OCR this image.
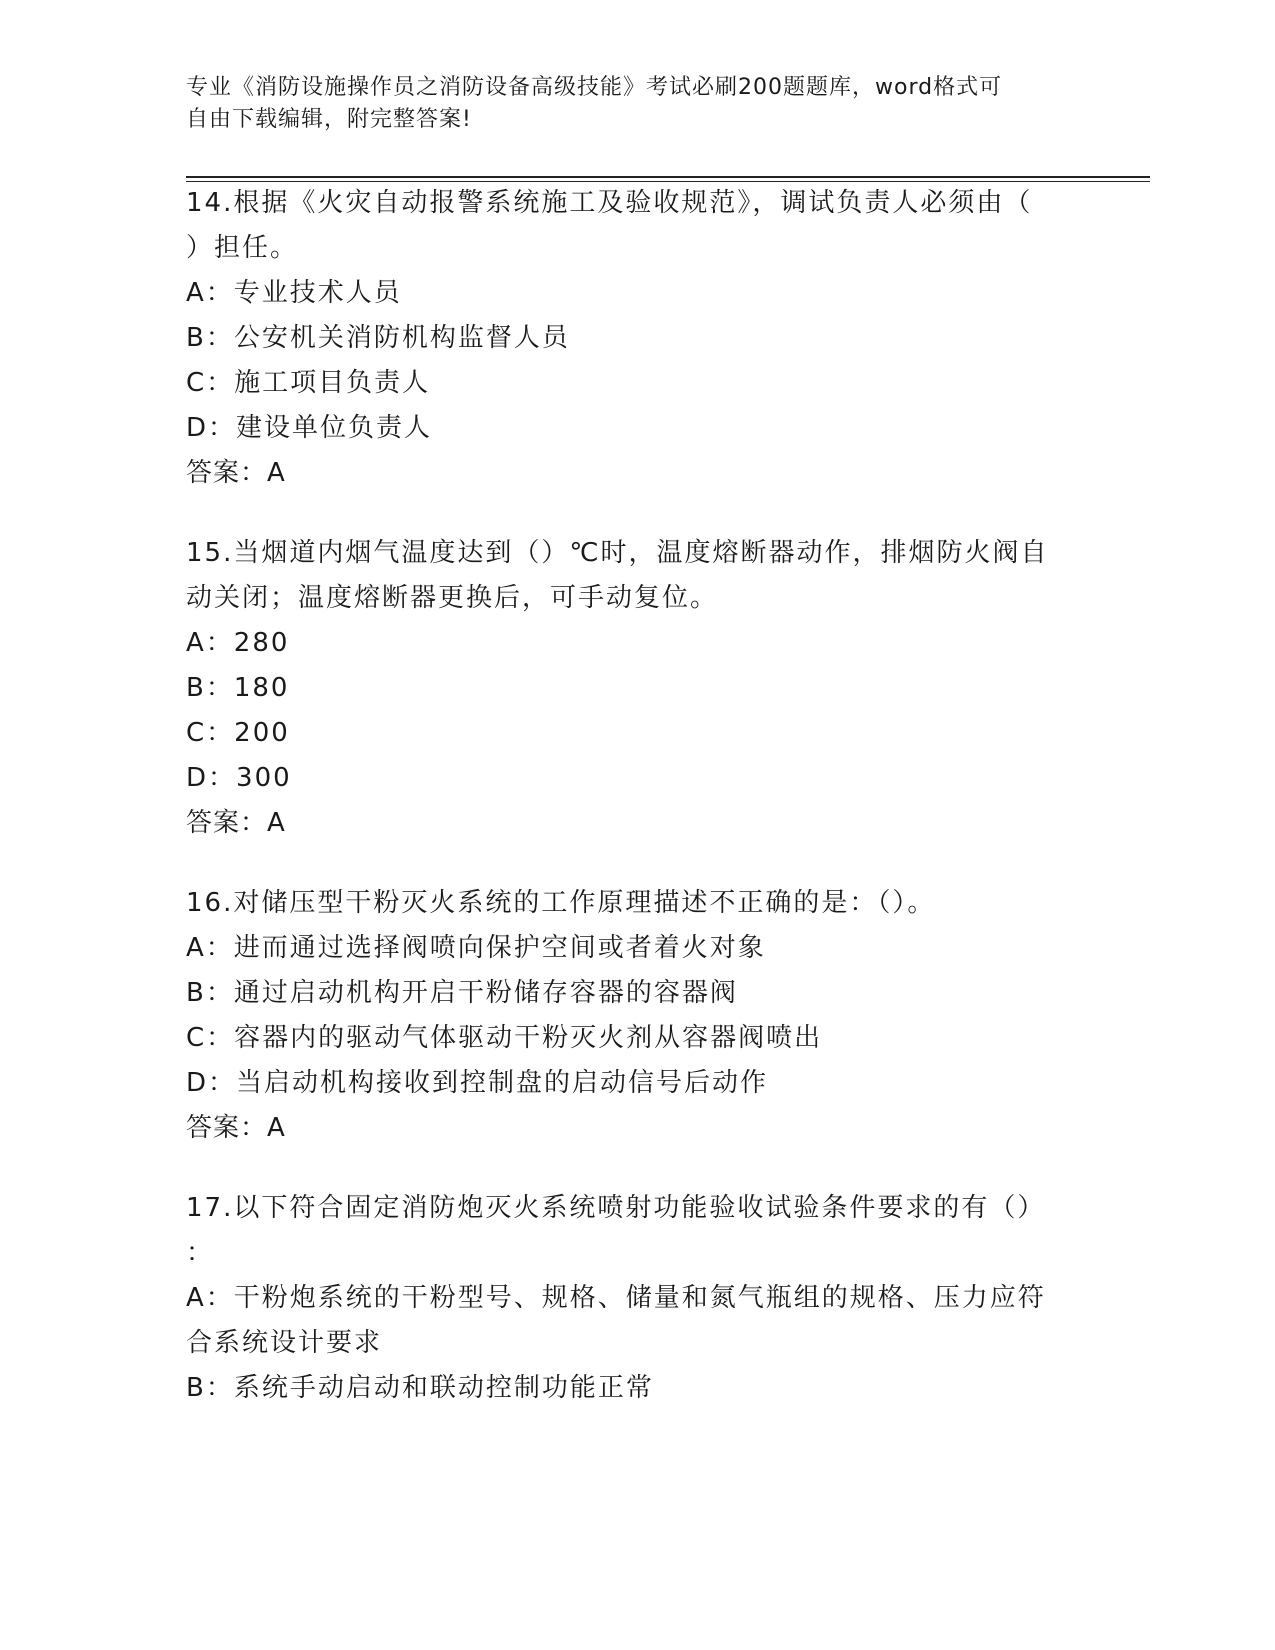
专业《消防设施操作员之消防设备高级技能》考试必刷200题题库，word格式可
自由下载编辑，附完整答案!
14.根据《火灾自动报警系统施工及验收规范》，调试负责人必须由（
）担任。
A：专业技术人员
B：公安机关消防机构监督人员
C：施工项目负责人
D：建设单位负责人
答案：A
15.当烟道内烟气温度达到（）℃时，温度熔断器动作，排烟防火阀自
动关闭；温度熔断器更换后，可手动复位。
A：280
B：180
C：200
D：300
答案：A
16.对储压型干粉灭火系统的工作原理描述不正确的是：（）。
A：进而通过选择阀喷向保护空间或者着火对象
B：通过启动机构开启干粉储存容器的容器阀
C：容器内的驱动气体驱动干粉灭火剂从容器阀喷出
D：当启动机构接收到控制盘的启动信号后动作
答案：A
17.以下符合固定消防炮灭火系统喷射功能验收试验条件要求的有（）
：
A：干粉炮系统的干粉型号、规格、储量和氮气瓶组的规格、压力应符
合系统设计要求
B：系统手动启动和联动控制功能正常
